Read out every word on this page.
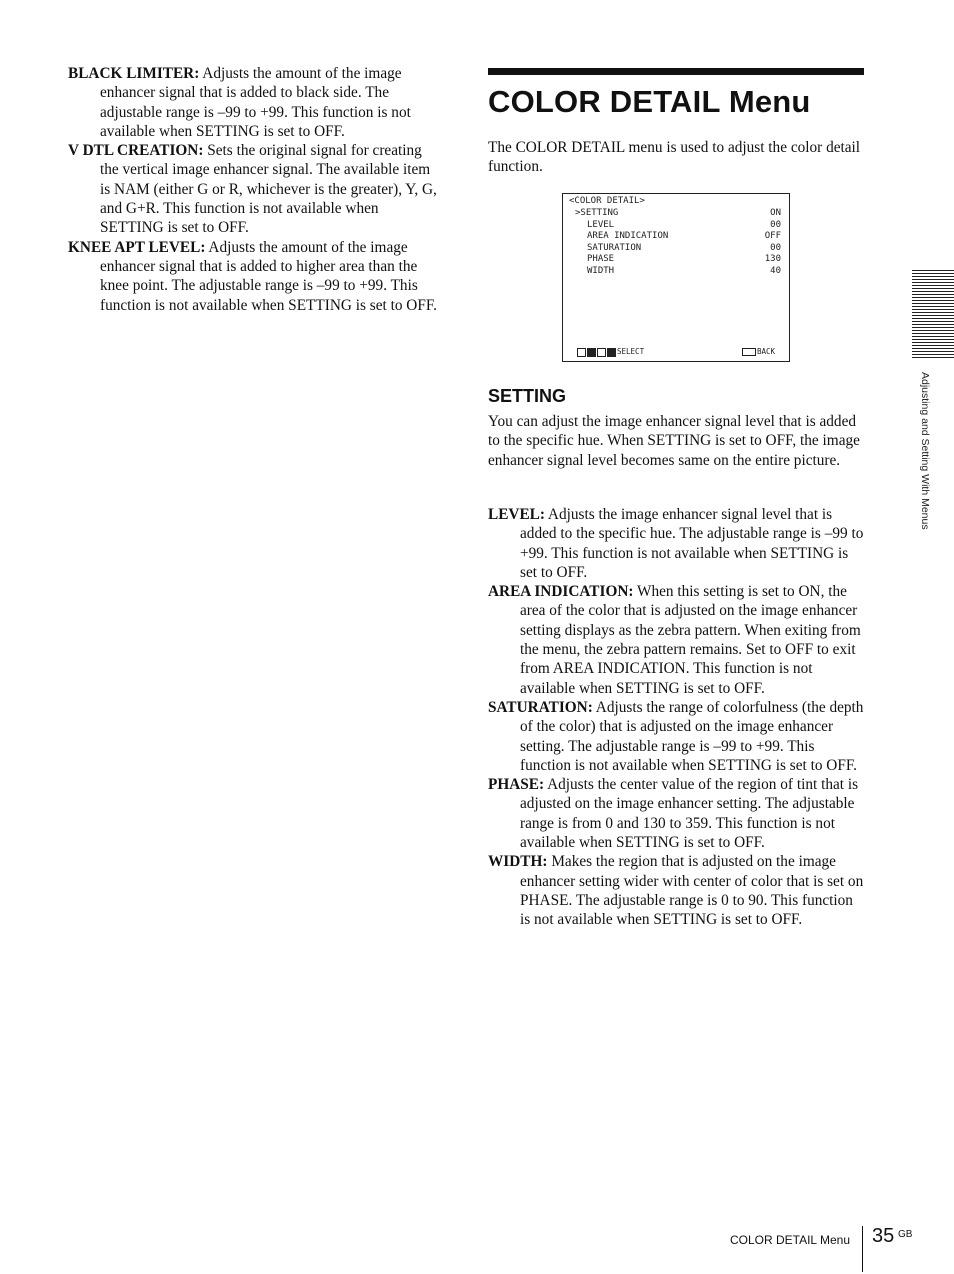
BLACK LIMITER: Adjusts the amount of the image enhancer signal that is added to black side. The adjustable range is –99 to +99. This function is not available when SETTING is set to OFF.

V DTL CREATION: Sets the original signal for creating the vertical image enhancer signal. The available item is NAM (either G or R, whichever is the greater), Y, G, and G+R. This function is not available when SETTING is set to OFF.

KNEE APT LEVEL: Adjusts the amount of the image enhancer signal that is added to higher area than the knee point. The adjustable range is –99 to +99. This function is not available when SETTING is set to OFF.

COLOR DETAIL Menu

The COLOR DETAIL menu is used to adjust the color detail function.

<COLOR DETAIL>
>SETTING	ON
LEVEL	00
AREA INDICATION	OFF
SATURATION	00
PHASE	130
WIDTH	40
SELECT	BACK
SETTING

You can adjust the image enhancer signal level that is added to the specific hue. When SETTING is set to OFF, the image enhancer signal level becomes same on the entire picture.

LEVEL: Adjusts the image enhancer signal level that is added to the specific hue. The adjustable range is –99 to +99. This function is not available when SETTING is set to OFF.

AREA INDICATION: When this setting is set to ON, the area of the color that is adjusted on the image enhancer setting displays as the zebra pattern. When exiting from the menu, the zebra pattern remains. Set to OFF to exit from AREA INDICATION. This function is not available when SETTING is set to OFF.

SATURATION: Adjusts the range of colorfulness (the depth of the color) that is adjusted on the image enhancer setting. The adjustable range is –99 to +99. This function is not available when SETTING is set to OFF.

PHASE: Adjusts the center value of the region of tint that is adjusted on the image enhancer setting. The adjustable range is from 0 and 130 to 359. This function is not available when SETTING is set to OFF.

WIDTH: Makes the region that is adjusted on the image enhancer setting wider with center of color that is set on PHASE. The adjustable range is 0 to 90. This function is not available when SETTING is set to OFF.

Adjusting and Setting With Menus
COLOR DETAIL Menu 35 GB
